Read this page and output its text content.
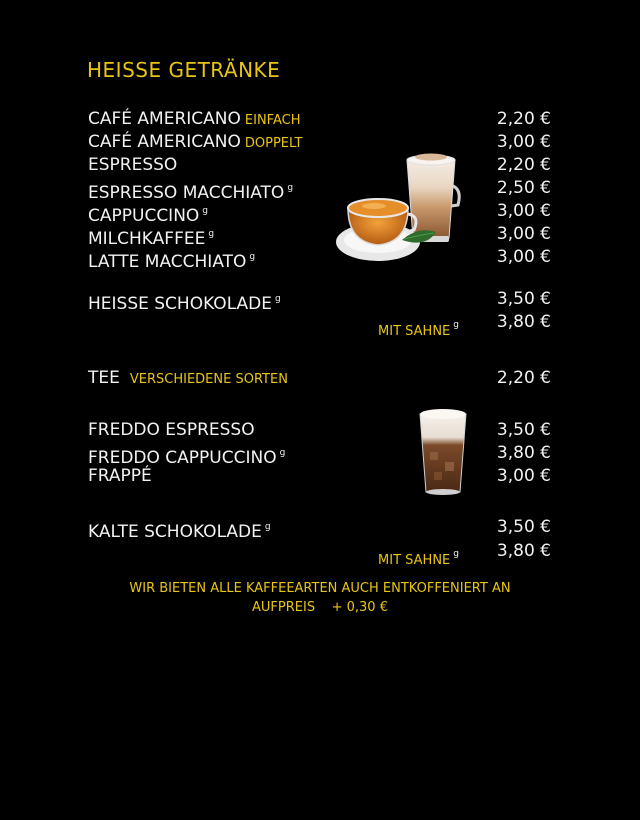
HEISSE GETRÄNKE
CAFÉ AMERICANO EINFACH	2,20 €
CAFÉ AMERICANO DOPPELT	3,00 €
ESPRESSO	2,20 €
ESPRESSO MACCHIATO $^g$	2,50 €
CAPPUCCINO $^g$	3,00 €
MILCHKAFFEE $^g$	3,00 €
LATTE MACCHIATO $^g$	3,00 €
HEISSE SCHOKOLADE $^g$	3,50 €
MIT SAHNE $^g$ 3,80 €
TEE VERSCHIEDENE SORTEN	2,20 €
FREDDO ESPRESSO	3,50 €
FREDDO CAPPUCCINO $^g$	3,80 €
FRAPPÉ	3,00 €
KALTE SCHOKOLADE $^g$	3,50 €
MIT SAHNE $^g$ 3,80 €
WIR BIETEN ALLE KAFFEEARTEN AUCH ENTKOFFENIERT AN
AUFPREIS    + 0,30 €
